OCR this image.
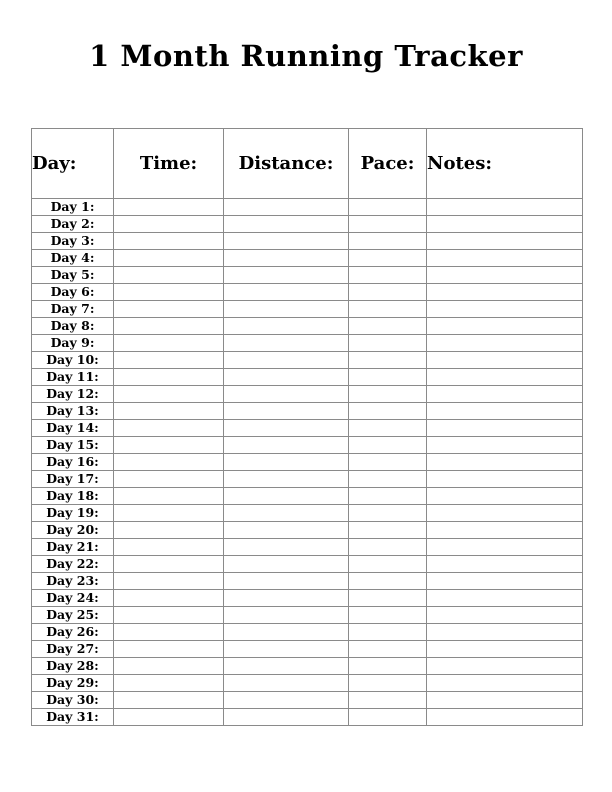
1 Month Running Tracker
Day:	Time:	Distance:	Pace:	Notes:
Day 1:				
Day 2:				
Day 3:				
Day 4:				
Day 5:				
Day 6:				
Day 7:				
Day 8:				
Day 9:				
Day 10:				
Day 11:				
Day 12:				
Day 13:				
Day 14:				
Day 15:				
Day 16:				
Day 17:				
Day 18:				
Day 19:				
Day 20:				
Day 21:				
Day 22:				
Day 23:				
Day 24:				
Day 25:				
Day 26:				
Day 27:				
Day 28:				
Day 29:				
Day 30:				
Day 31:				
